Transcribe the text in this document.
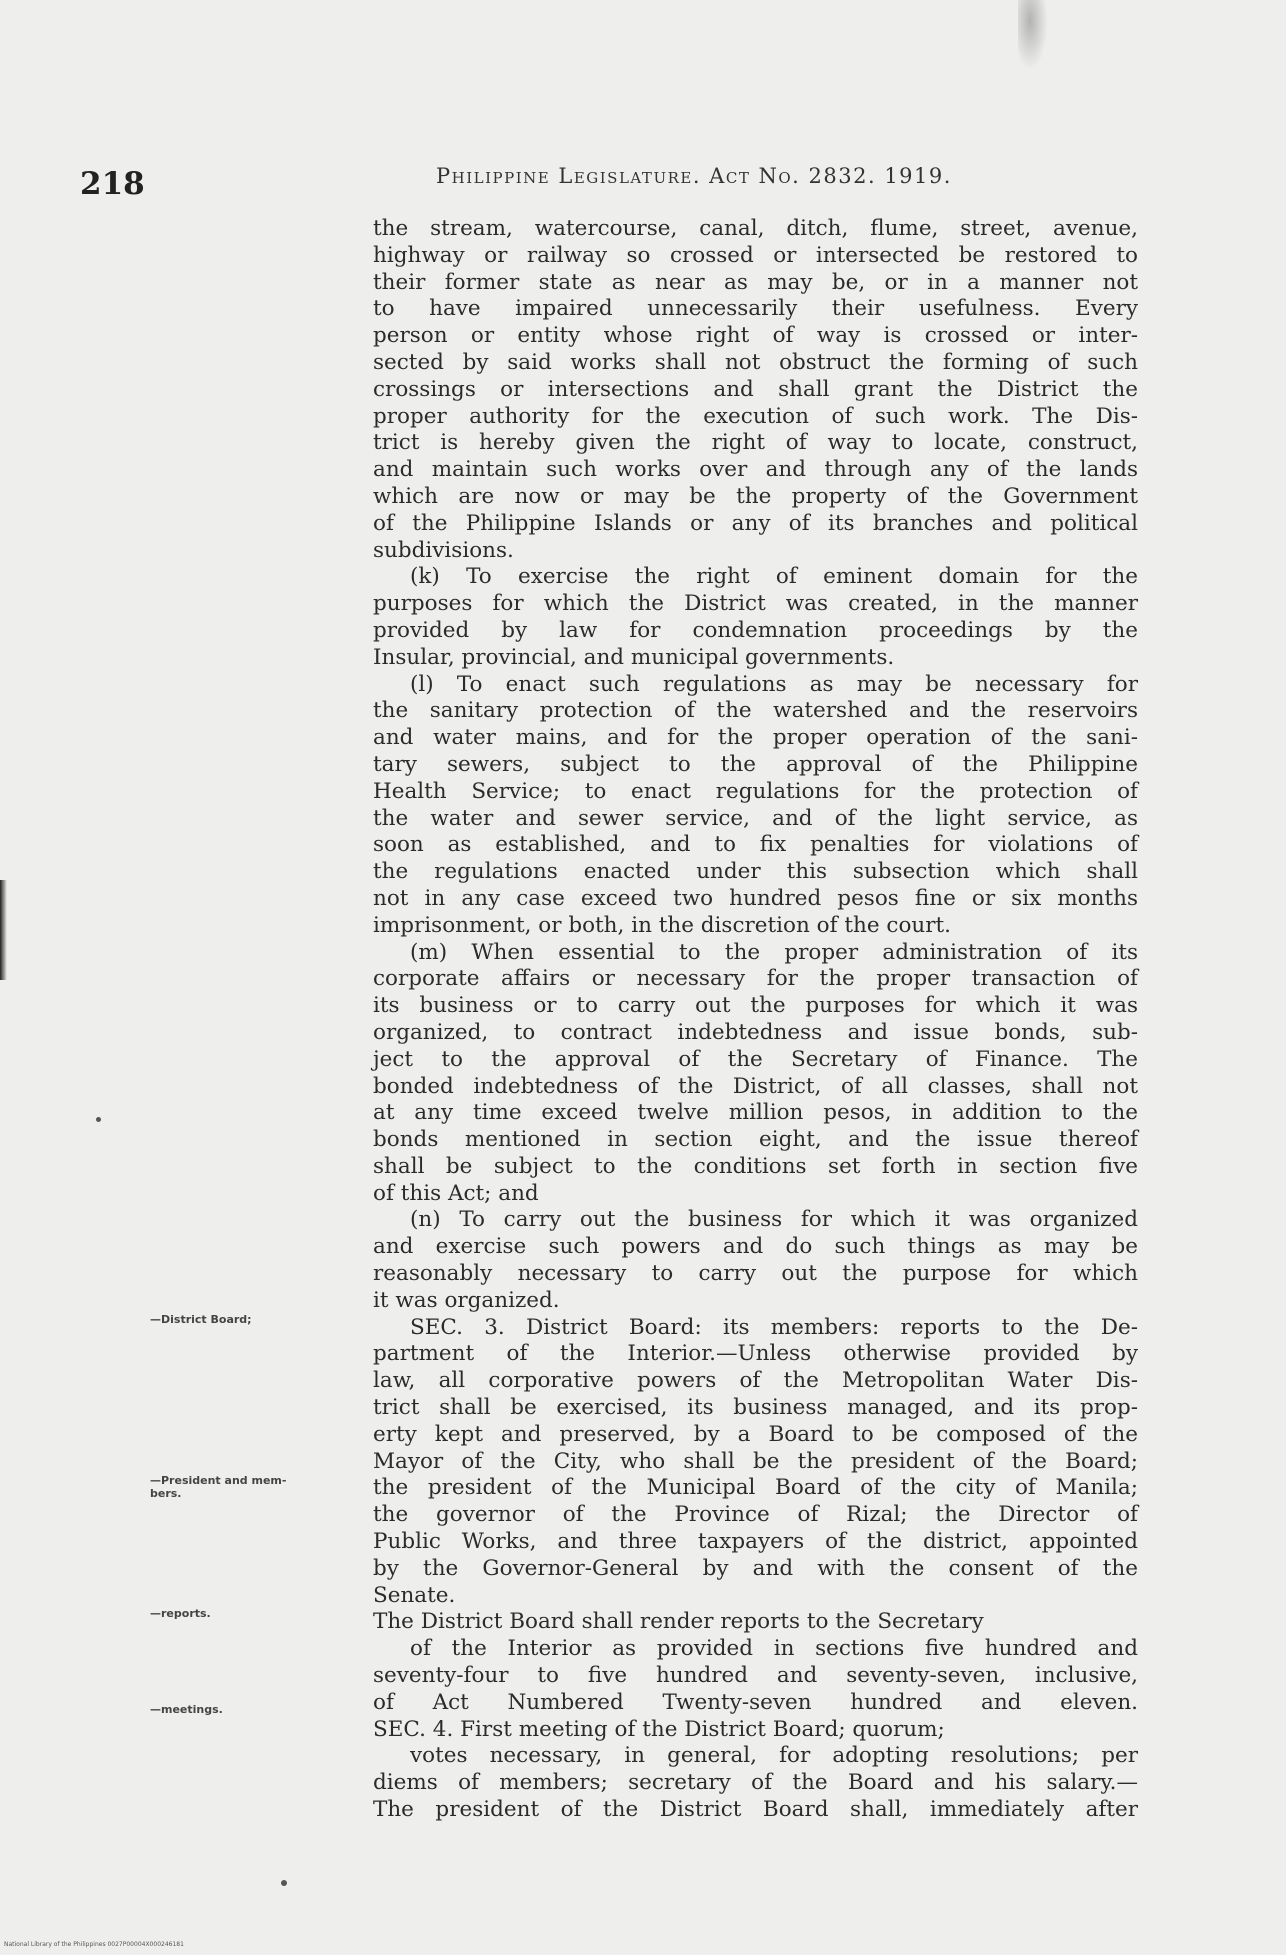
218	Philippine Legislature. Act No. 2832. 1919.
—District Board;
—President and mem-
bers.
—reports.
—meetings.
the stream, watercourse, canal, ditch, flume, street, avenue,
highway or railway so crossed or intersected be restored to
their former state as near as may be, or in a manner not
to have impaired unnecessarily their usefulness. Every
person or entity whose right of way is crossed or inter-
sected by said works shall not obstruct the forming of such
crossings or intersections and shall grant the District the
proper authority for the execution of such work. The Dis-
trict is hereby given the right of way to locate, construct,
and maintain such works over and through any of the lands
which are now or may be the property of the Government
of the Philippine Islands or any of its branches and political
subdivisions.
(k) To exercise the right of eminent domain for the
purposes for which the District was created, in the manner
provided by law for condemnation proceedings by the
Insular, provincial, and municipal governments.
(l) To enact such regulations as may be necessary for
the sanitary protection of the watershed and the reservoirs
and water mains, and for the proper operation of the sani-
tary sewers, subject to the approval of the Philippine
Health Service; to enact regulations for the protection of
the water and sewer service, and of the light service, as
soon as established, and to fix penalties for violations of
the regulations enacted under this subsection which shall
not in any case exceed two hundred pesos fine or six months
imprisonment, or both, in the discretion of the court.
(m) When essential to the proper administration of its
corporate affairs or necessary for the proper transaction of
its business or to carry out the purposes for which it was
organized, to contract indebtedness and issue bonds, sub-
ject to the approval of the Secretary of Finance. The
bonded indebtedness of the District, of all classes, shall not
at any time exceed twelve million pesos, in addition to the
bonds mentioned in section eight, and the issue thereof
shall be subject to the conditions set forth in section five
of this Act; and
(n) To carry out the business for which it was organized
and exercise such powers and do such things as may be
reasonably necessary to carry out the purpose for which
it was organized.
SEC. 3. District Board: its members: reports to the De-
partment of the Interior.—Unless otherwise provided by
law, all corporative powers of the Metropolitan Water Dis-
trict shall be exercised, its business managed, and its prop-
erty kept and preserved, by a Board to be composed of the
Mayor of the City, who shall be the president of the Board;
the president of the Municipal Board of the city of Manila;
the governor of the Province of Rizal; the Director of
Public Works, and three taxpayers of the district, appointed
by the Governor-General by and with the consent of the
Senate.
The District Board shall render reports to the Secretary
of the Interior as provided in sections five hundred and
seventy-four to five hundred and seventy-seven, inclusive,
of Act Numbered Twenty-seven hundred and eleven.
SEC. 4. First meeting of the District Board; quorum;
votes necessary, in general, for adopting resolutions; per
diems of members; secretary of the Board and his salary.—
The president of the District Board shall, immediately after
National Library of the Philippines 0027P00004X000246181
